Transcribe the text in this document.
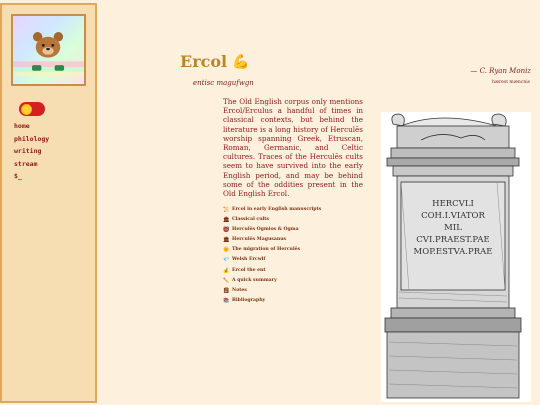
home
philology
writing
stream
$_
Ercol 💪
entisc magufwgn
— C. Ryan Moniz
hærest mæncnis

The Old English corpus only mentions Ercol/Erculus a handful of times in classical contexts, but behind the literature is a long history of Herculēs worship spanning Greek, Etruscan, Roman, Germanic, and Celtic cultures. Traces of the Herculēs cults seem to have survived into the early English period, and may be behind some of the oddities present in the Old English Ercol.

📜 Ercol in early English manuscripts
🏛 Classical cults
👹 Herculēs Ogmios & Ogma
🏛 Herculēs Magusanus
🌞 The migration of Herculēs
💎 Welsh Ercwlf
💰 Ercol the ent
✏️ A quick summary
🗒 Notes
📚 Bibliography
HERCVLI
COH.I.VIATOR
MIL
CVI.PRAEST.PAE
MOP.ESTVA.PRAE
